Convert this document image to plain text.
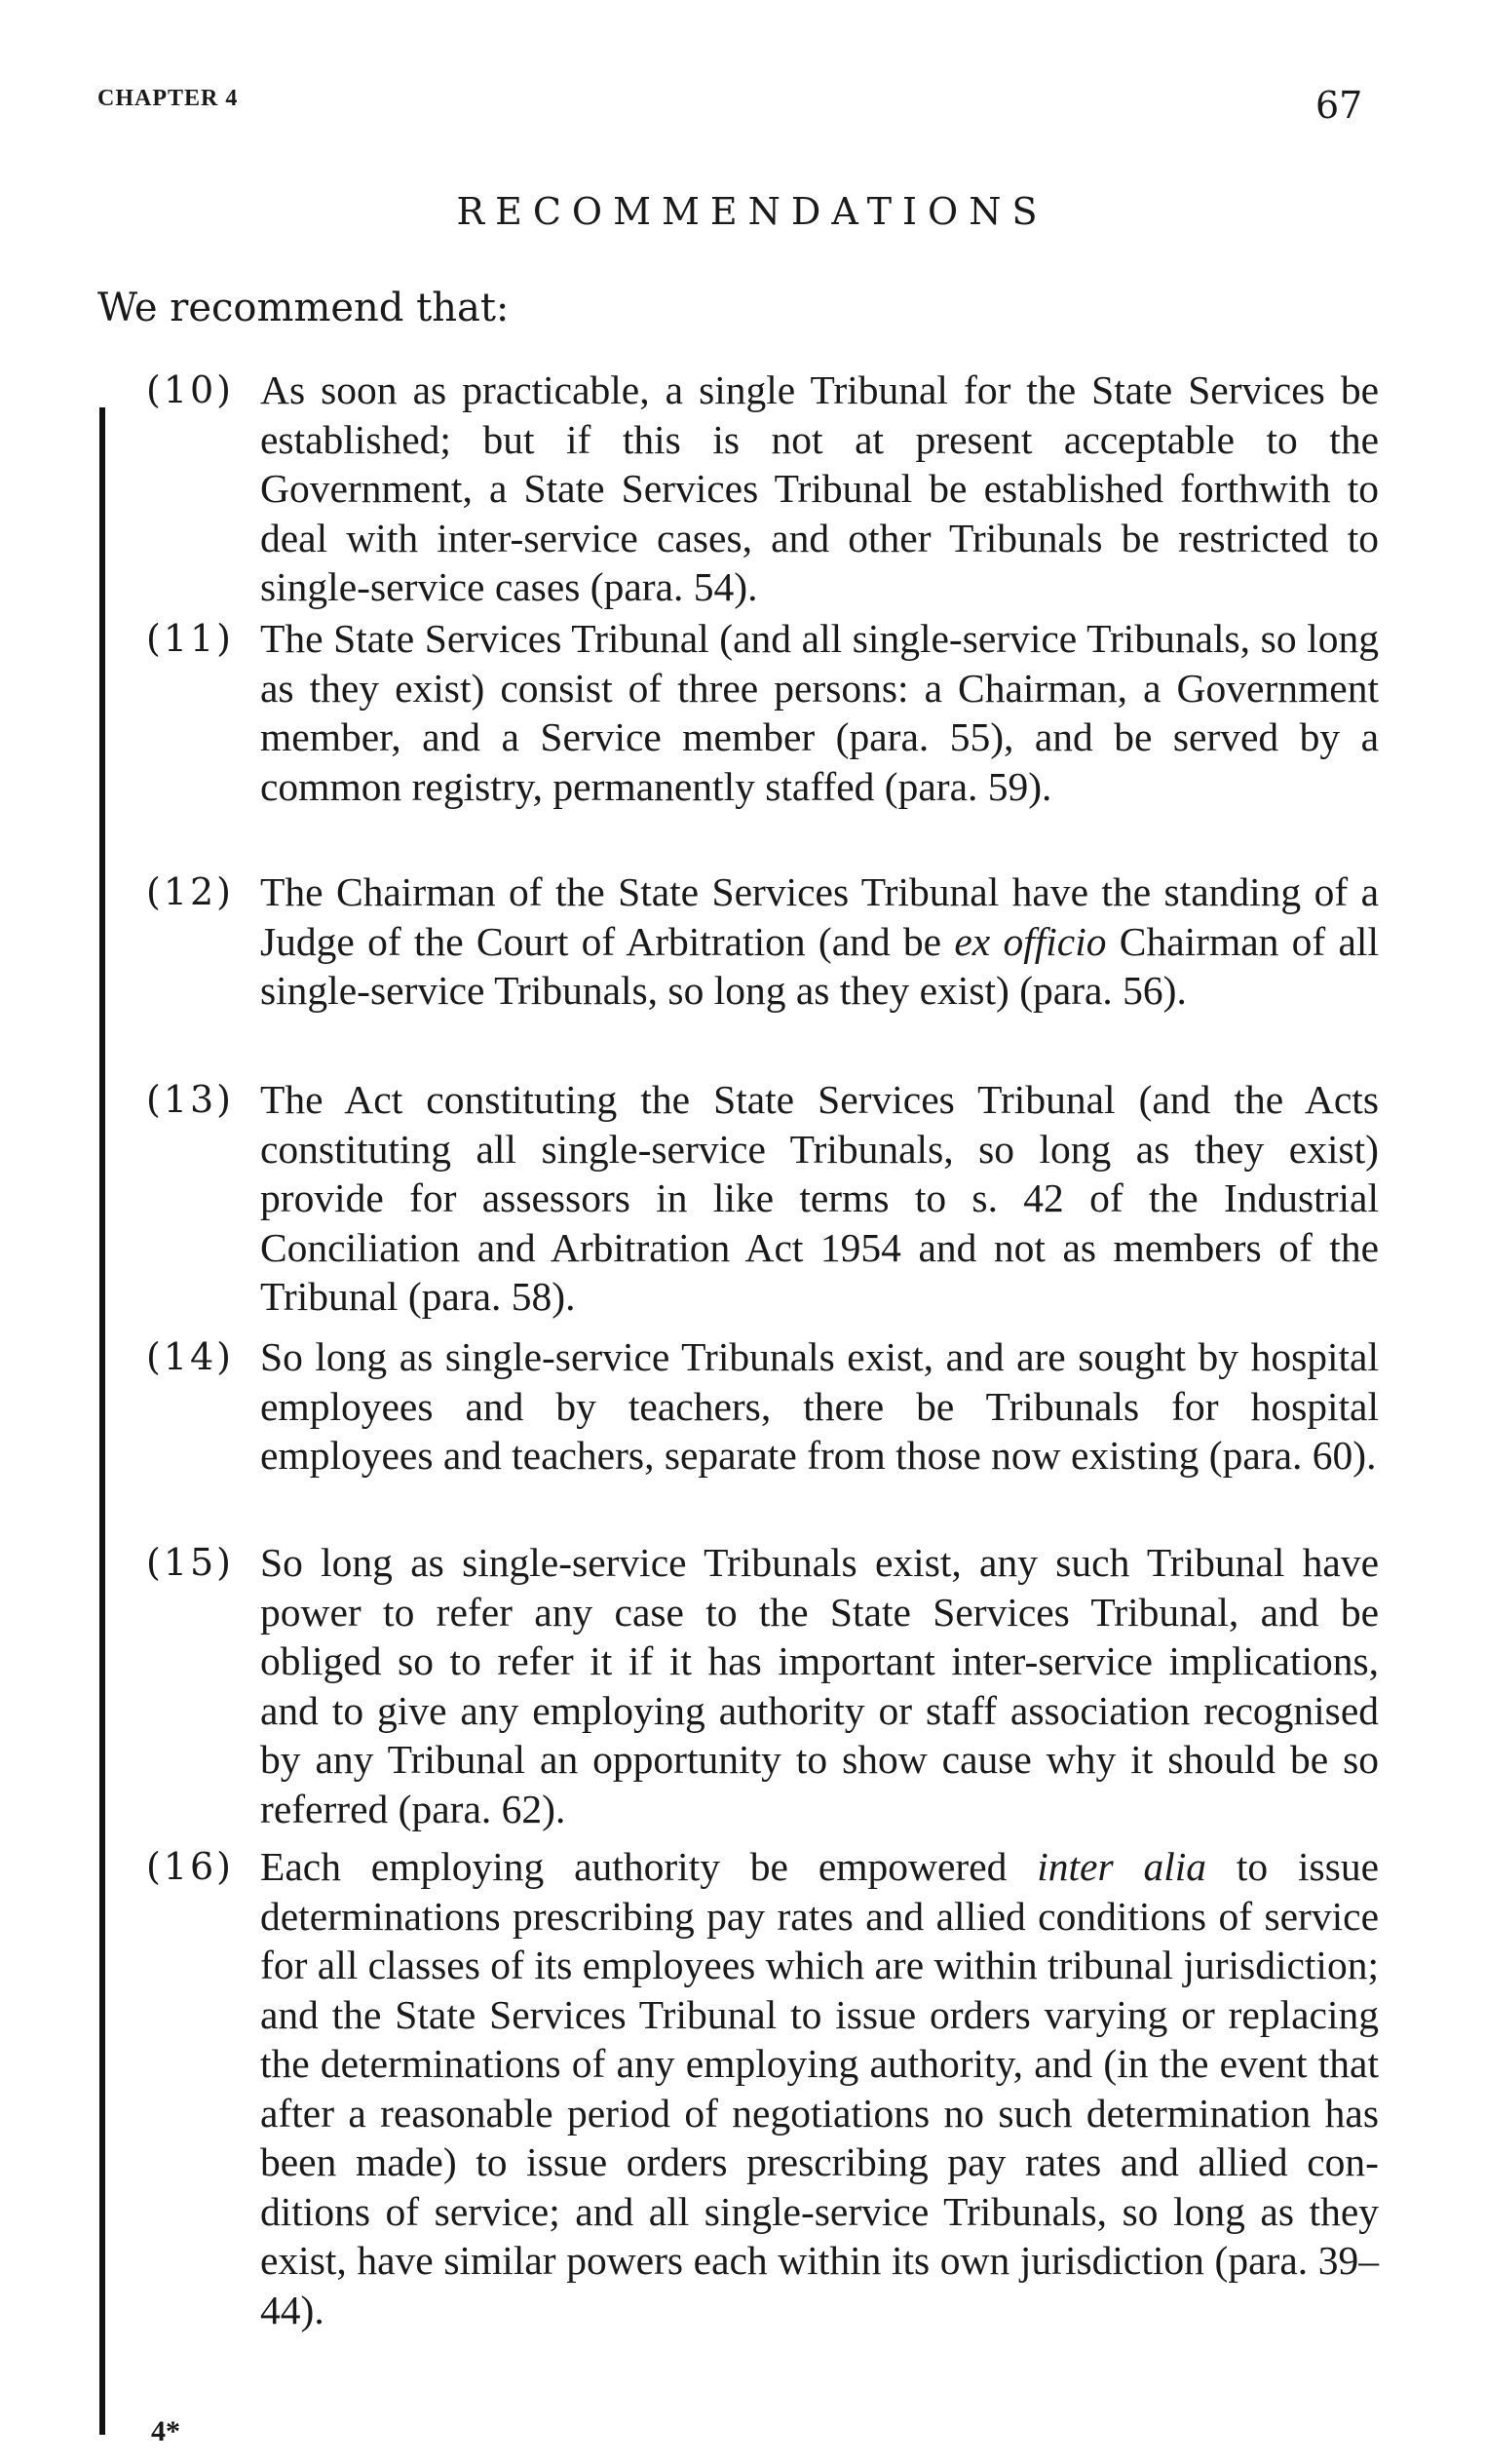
CHAPTER 4	67
RECOMMENDATIONS
We recommend that:
(10) As soon as practicable, a single Tribunal for the State Services be established; but if this is not at present acceptable to the Government, a State Services Tribunal be established forthwith to deal with inter-service cases, and other Tribunals be restricted to single-service cases (para. 54).
(11) The State Services Tribunal (and all single-service Tribunals, so long as they exist) consist of three persons: a Chairman, a Government member, and a Service member (para. 55), and be served by a common registry, permanently staffed (para. 59).
(12) The Chairman of the State Services Tribunal have the standing of a Judge of the Court of Arbitration (and be ex officio Chairman of all single-service Tribunals, so long as they exist) (para. 56).
(13) The Act constituting the State Services Tribunal (and the Acts constituting all single-service Tribunals, so long as they exist) provide for assessors in like terms to s. 42 of the Industrial Conciliation and Arbitration Act 1954 and not as members of the Tribunal (para. 58).
(14) So long as single-service Tribunals exist, and are sought by hospital employees and by teachers, there be Tribunals for hospital employees and teachers, separate from those now existing (para. 60).
(15) So long as single-service Tribunals exist, any such Tribunal have power to refer any case to the State Services Tribunal, and be obliged so to refer it if it has important inter-service implications, and to give any employing authority or staff association recognised by any Tribunal an opportunity to show cause why it should be so referred (para. 62).
(16) Each employing authority be empowered inter alia to issue determinations prescribing pay rates and allied conditions of service for all classes of its employees which are within tribunal jurisdiction; and the State Services Tribunal to issue orders varying or replacing the determinations of any employing authority, and (in the event that after a reasonable period of negotiations no such determination has been made) to issue orders prescribing pay rates and allied conditions of service; and all single-service Tribunals, so long as they exist, have similar powers each within its own jurisdiction (para. 39–44).
4*
